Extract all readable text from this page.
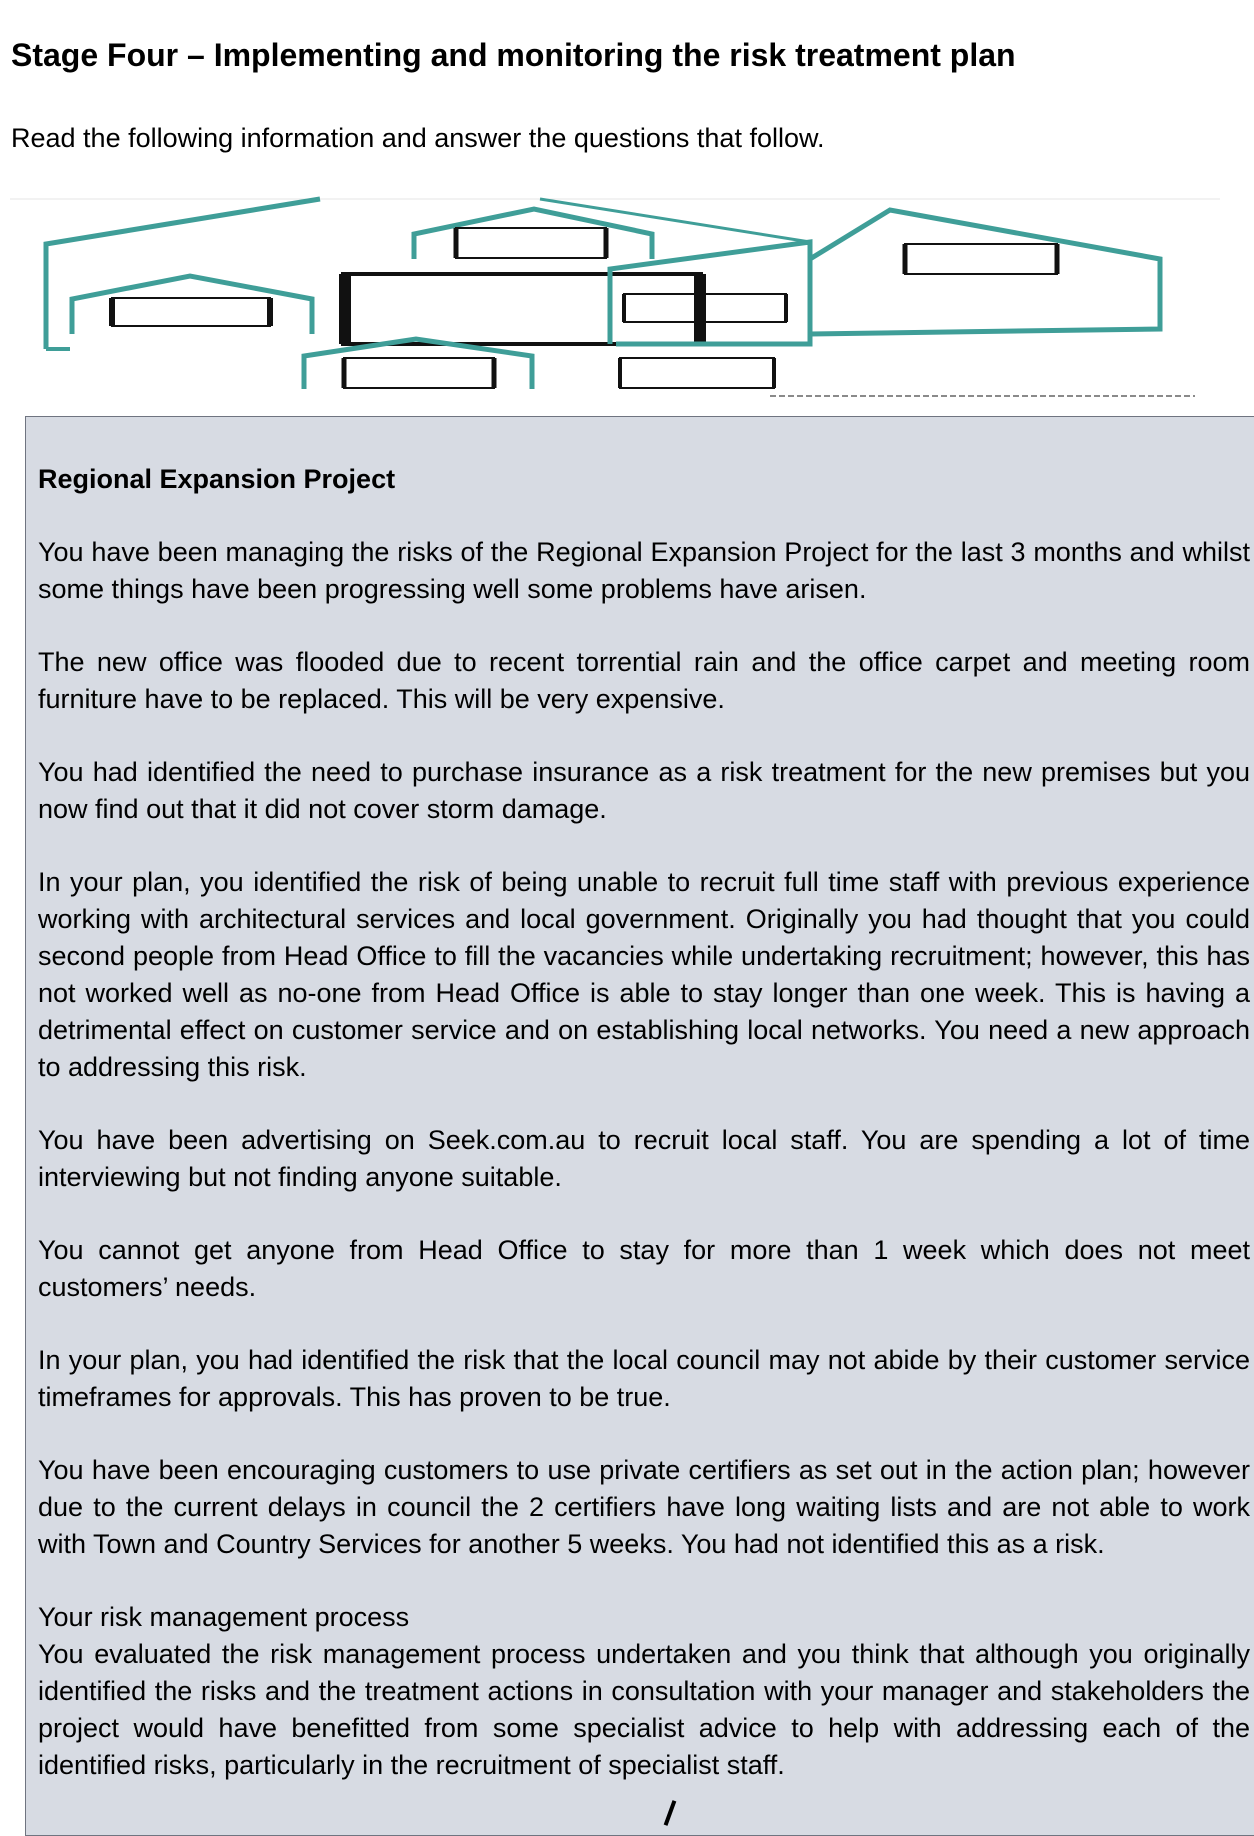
Stage Four – Implementing and monitoring the risk treatment plan

Read the following information and answer the questions that follow.

Regional Expansion Project

You have been managing the risks of the Regional Expansion Project for the last 3 months and whilst some things have been progressing well some problems have arisen.

The new office was flooded due to recent torrential rain and the office carpet and meeting room furniture have to be replaced. This will be very expensive.

You had identified the need to purchase insurance as a risk treatment for the new premises but you now find out that it did not cover storm damage.

In your plan, you identified the risk of being unable to recruit full time staff with previous experience working with architectural services and local government. Originally you had thought that you could second people from Head Office to fill the vacancies while undertaking recruitment; however, this has not worked well as no-one from Head Office is able to stay longer than one week. This is having a detrimental effect on customer service and on establishing local networks. You need a new approach to addressing this risk.

You have been advertising on Seek.com.au to recruit local staff. You are spending a lot of time interviewing but not finding anyone suitable.

You cannot get anyone from Head Office to stay for more than 1 week which does not meet customers’ needs.

In your plan, you had identified the risk that the local council may not abide by their customer service timeframes for approvals. This has proven to be true.

You have been encouraging customers to use private certifiers as set out in the action plan; however due to the current delays in council the 2 certifiers have long waiting lists and are not able to work with Town and Country Services for another 5 weeks. You had not identified this as a risk.

Your risk management process

You evaluated the risk management process undertaken and you think that although you originally identified the risks and the treatment actions in consultation with your manager and stakeholders the project would have benefitted from some specialist advice to help with addressing each of the identified risks, particularly in the recruitment of specialist staff.
